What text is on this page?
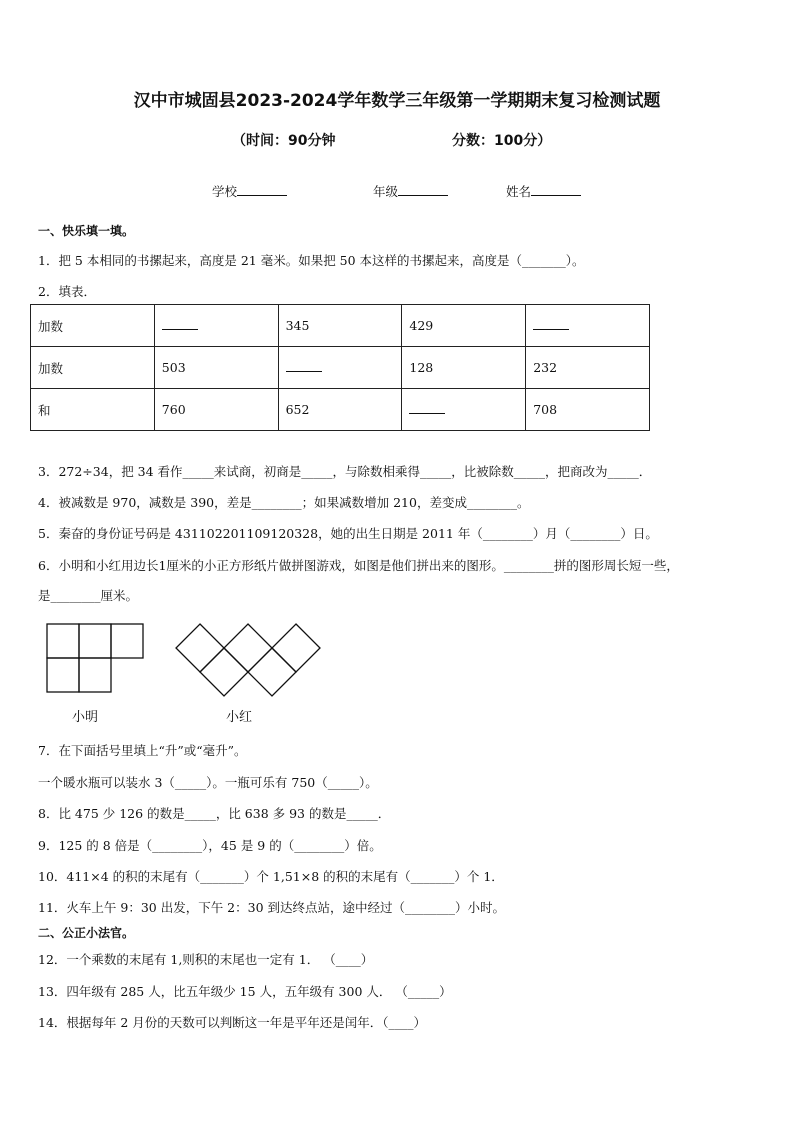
汉中市城固县2023-2024学年数学三年级第一学期期末复习检测试题
（时间：90分钟	分数：100分）
学校	年级	姓名
一、快乐填一填。
1．把 5 本相同的书摞起来，高度是 21 毫米。如果把 50 本这样的书摞起来，高度是（_______）。
2．填表．
加数		345	429	
加数	503		128	232
和	760	652		708
3．272÷34，把 34 看作_____来试商，初商是_____，与除数相乘得_____，比被除数_____，把商改为_____．
4．被减数是 970，减数是 390，差是________；如果减数增加 210，差变成________。
5．秦奋的身份证号码是 431102201109120328，她的出生日期是 2011 年（________）月（________）日。
6．小明和小红用边长1厘米的小正方形纸片做拼图游戏，如图是他们拼出来的图形。________拼的图形周长短一些，
是________厘米。
小明	小红
7．在下面括号里填上“升”或“毫升”。
一个暖水瓶可以装水 3（_____）。一瓶可乐有 750（_____）。
8．比 475 少 126 的数是_____，比 638 多 93 的数是_____．
9．125 的 8 倍是（________），45 是 9 的（________）倍。
10．411×4 的积的末尾有（_______）个 1,51×8 的积的末尾有（_______）个 1．
11．火车上午 9：30 出发，下午 2：30 到达终点站，途中经过（________）小时。
二、公正小法官。
12．一个乘数的末尾有 1,则积的末尾也一定有 1． （____）
13．四年级有 285 人，比五年级少 15 人，五年级有 300 人． （_____）
14．根据每年 2 月份的天数可以判断这一年是平年还是闰年．（____）
